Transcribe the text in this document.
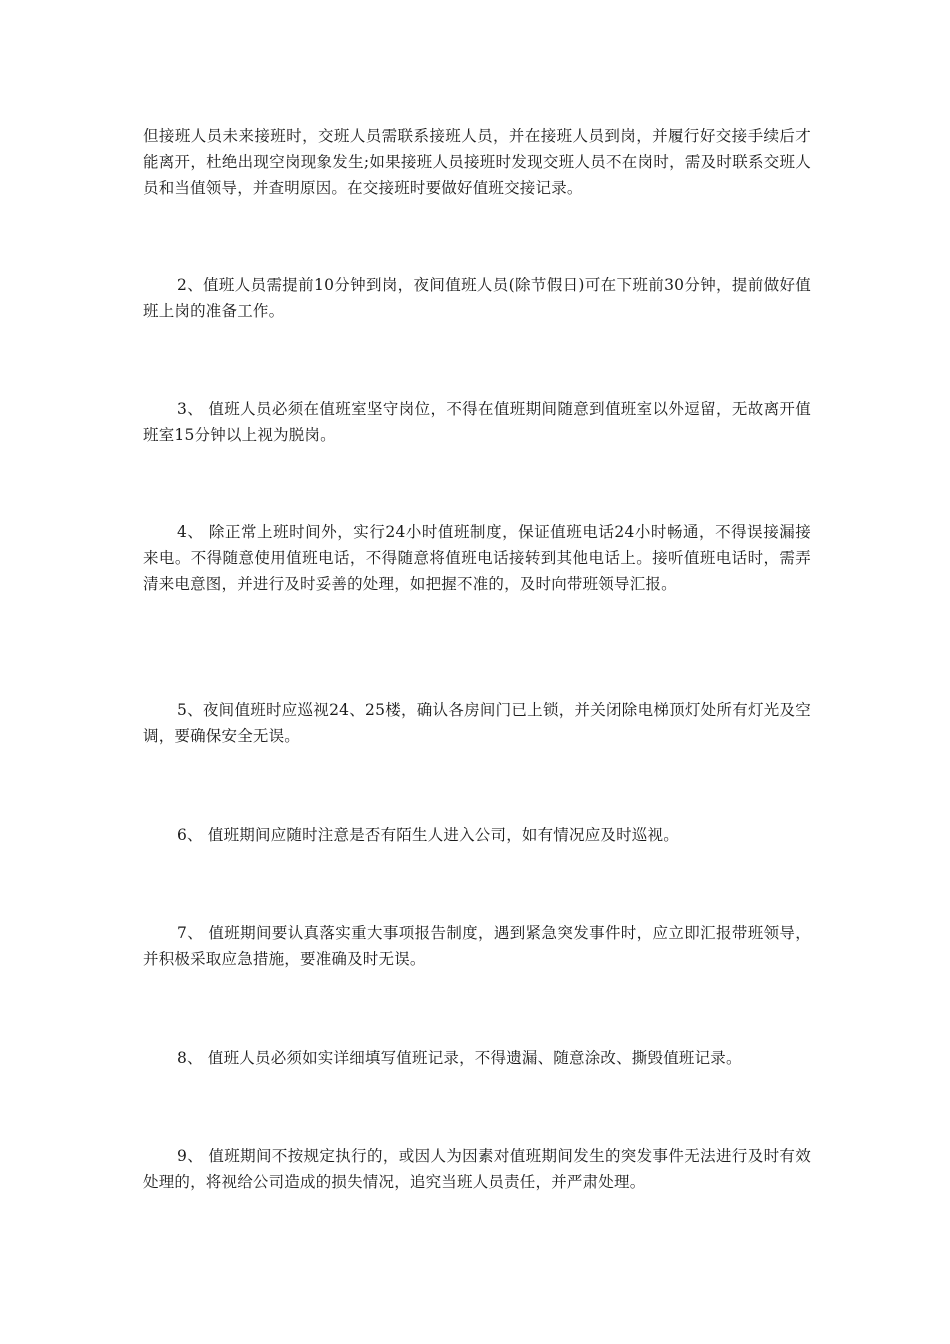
但接班人员未来接班时，交班人员需联系接班人员，并在接班人员到岗，并履行好交接手续后才能离开，杜绝出现空岗现象发生;如果接班人员接班时发现交班人员不在岗时，需及时联系交班人员和当值领导，并查明原因。在交接班时要做好值班交接记录。

2、值班人员需提前10分钟到岗，夜间值班人员(除节假日)可在下班前30分钟，提前做好值班上岗的准备工作。

3、 值班人员必须在值班室坚守岗位，不得在值班期间随意到值班室以外逗留，无故离开值班室15分钟以上视为脱岗。

4、 除正常上班时间外，实行24小时值班制度，保证值班电话24小时畅通，不得误接漏接来电。不得随意使用值班电话，不得随意将值班电话接转到其他电话上。接听值班电话时，需弄清来电意图，并进行及时妥善的处理，如把握不准的，及时向带班领导汇报。

5、夜间值班时应巡视24、25楼，确认各房间门已上锁，并关闭除电梯顶灯处所有灯光及空调，要确保安全无误。

6、 值班期间应随时注意是否有陌生人进入公司，如有情况应及时巡视。

7、 值班期间要认真落实重大事项报告制度，遇到紧急突发事件时，应立即汇报带班领导，并积极采取应急措施，要准确及时无误。

8、 值班人员必须如实详细填写值班记录，不得遗漏、随意涂改、撕毁值班记录。

9、 值班期间不按规定执行的，或因人为因素对值班期间发生的突发事件无法进行及时有效处理的，将视给公司造成的损失情况，追究当班人员责任，并严肃处理。
